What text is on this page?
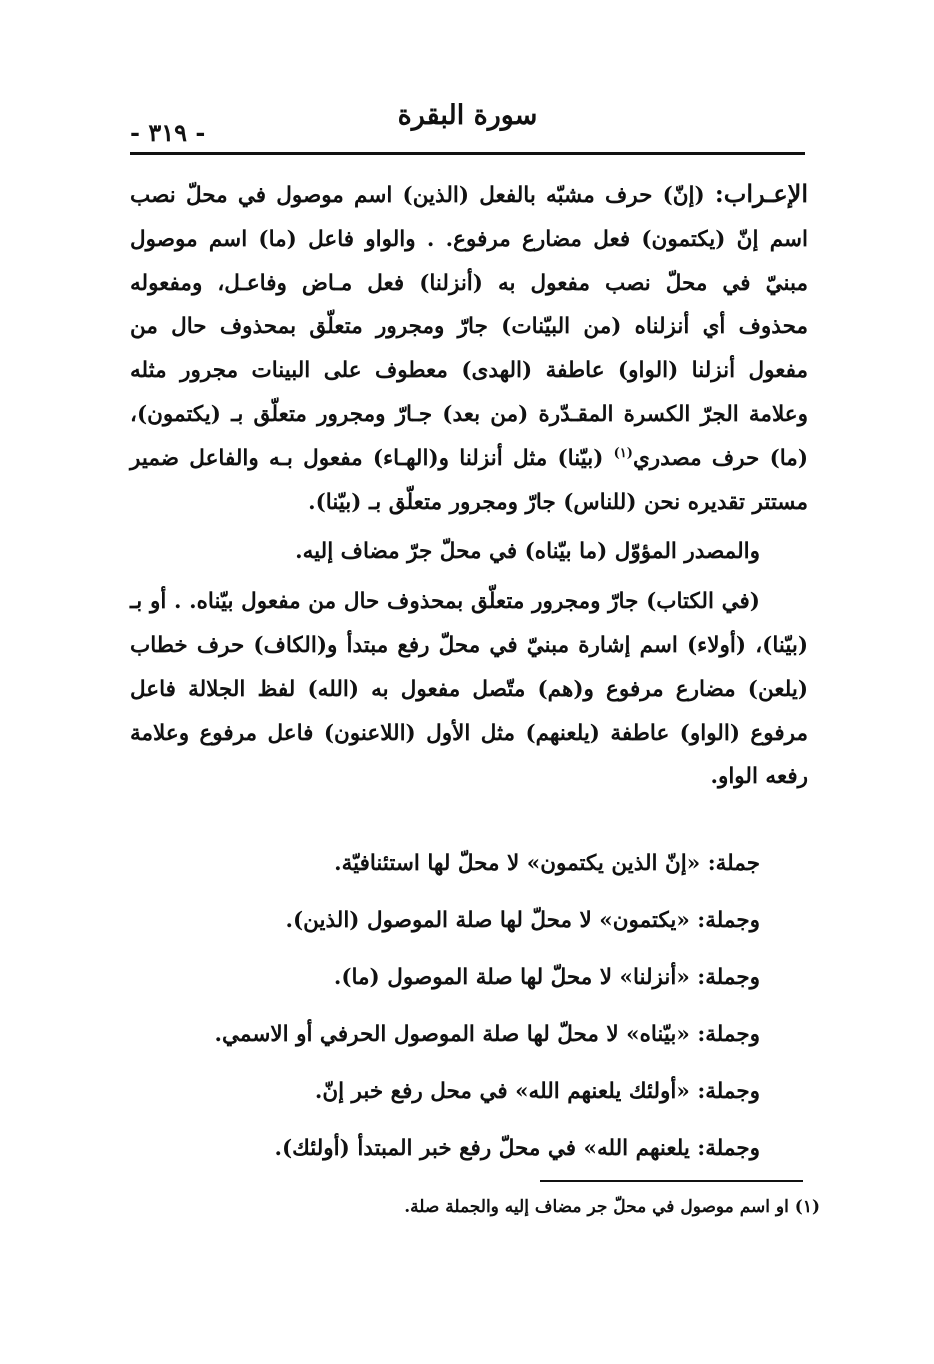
سورة البقرة
- ٣١٩ -

الإعـراب: (إنّ) حرف مشبّه بالفعل (الذين) اسم موصول في محلّ نصب اسم إنّ (يكتمون) فعل مضارع مرفوع. . والواو فاعل (ما) اسم موصول مبنيّ في محلّ نصب مفعول به (أنزلنا) فعل مـاض وفاعـل، ومفعوله محذوف أي أنزلناه (من البيّنات) جارّ ومجرور متعلّق بمحذوف حال من مفعول أنزلنا (الواو) عاطفة (الهدى) معطوف على البينات مجرور مثله وعلامة الجرّ الكسرة المقـدّرة (من بعد) جـارّ ومجرور متعلّق بـ (يكتمون)، (ما) حرف مصدري$^{(١)}$ (بيّنا) مثل أنزلنا و(الهـاء) مفعول بـه والفاعل ضمير مستتر تقديره نحن (للناس) جارّ ومجرور متعلّق بـ (بيّنا).

والمصدر المؤوّل (ما بيّناه) في محلّ جرّ مضاف إليه.

(في الكتاب) جارّ ومجرور متعلّق بمحذوف حال من مفعول بيّناه. . أو بـ (بيّنا)، (أولاء) اسم إشارة مبنيّ في محلّ رفع مبتدأ و(الكاف) حرف خطاب (يلعن) مضارع مرفوع و(هم) متّصل مفعول به (الله) لفظ الجلالة فاعل مرفوع (الواو) عاطفة (يلعنهم) مثل الأول (اللاعنون) فاعل مرفوع وعلامة رفعه الواو.

جملة: «إنّ الذين يكتمون» لا محلّ لها استئنافيّة.

وجملة: «يكتمون» لا محلّ لها صلة الموصول (الذين).

وجملة: «أنزلنا» لا محلّ لها صلة الموصول (ما).

وجملة: «بيّناه» لا محلّ لها صلة الموصول الحرفي أو الاسمي.

وجملة: «أولئك يلعنهم الله» في محل رفع خبر إنّ.

وجملة: يلعنهم الله» في محلّ رفع خبر المبتدأ (أولئك).

(١) او اسم موصول في محلّ جر مضاف إليه والجملة صلة.
